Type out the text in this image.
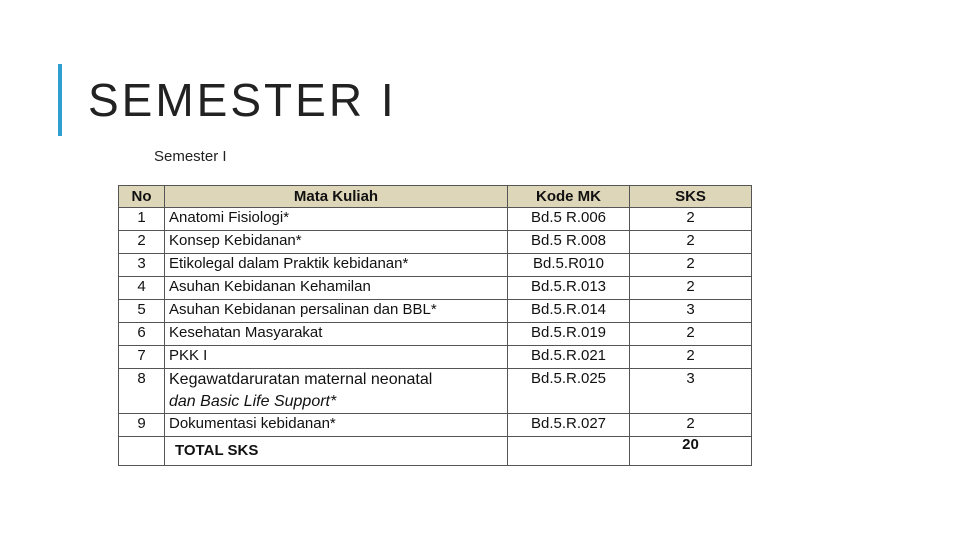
SEMESTER I
Semester I
No	Mata Kuliah	Kode MK	SKS
1	Anatomi Fisiologi*	Bd.5 R.006	2
2	Konsep Kebidanan*	Bd.5 R.008	2
3	Etikolegal dalam Praktik kebidanan*	Bd.5.R010	2
4	Asuhan Kebidanan Kehamilan	Bd.5.R.013	2
5	Asuhan Kebidanan persalinan dan BBL*	Bd.5.R.014	3
6	Kesehatan Masyarakat	Bd.5.R.019	2
7	PKK I	Bd.5.R.021	2
8	Kegawatdaruratan maternal neonatal
dan Basic Life Support*	Bd.5.R.025	3
9	Dokumentasi kebidanan*	Bd.5.R.027	2
	TOTAL SKS		20
